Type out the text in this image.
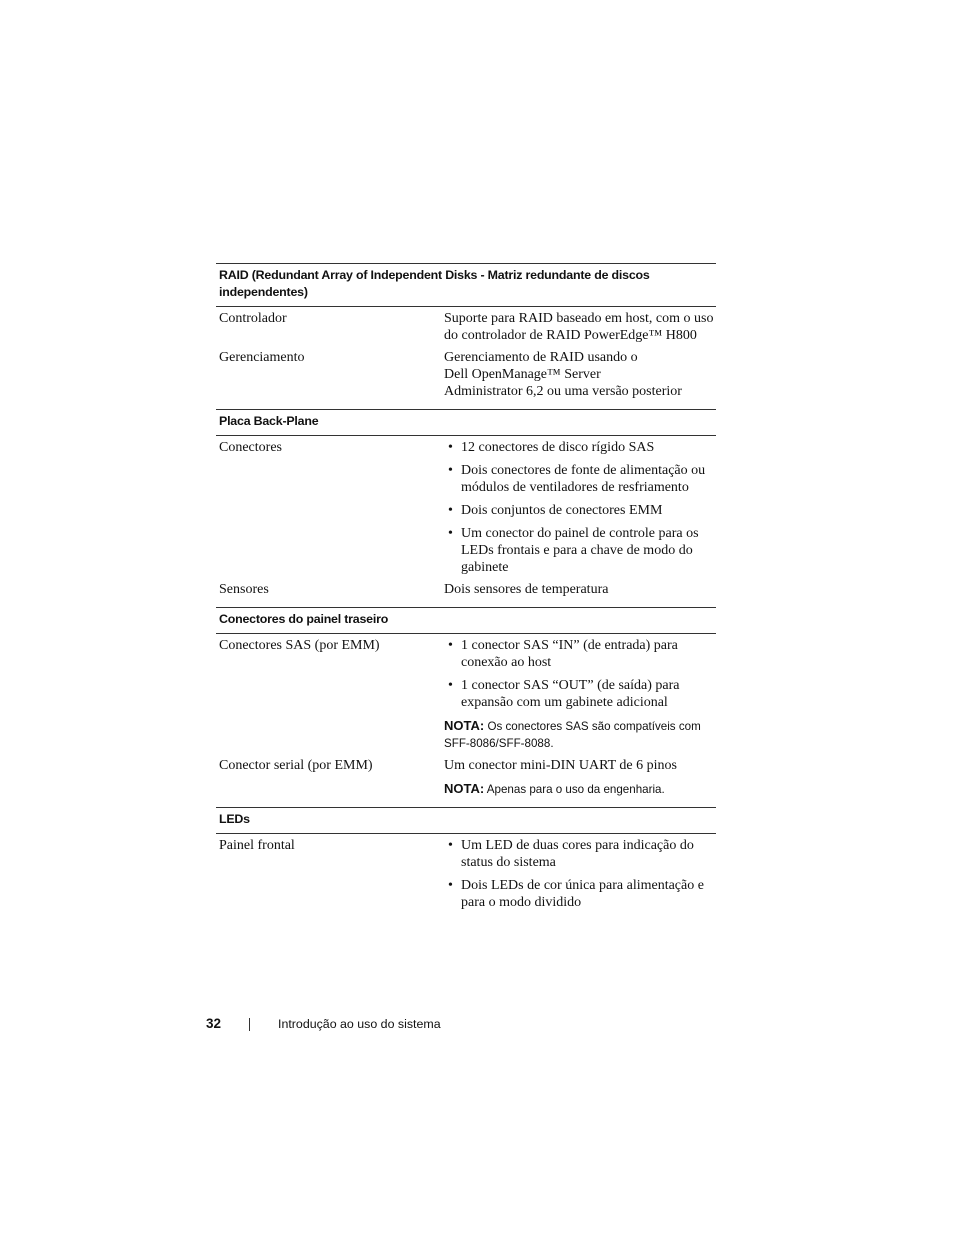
RAID (Redundant Array of Independent Disks - Matriz redundante de discos independentes)
Controlador	Suporte para RAID baseado em host, com o uso do controlador de RAID PowerEdge™ H800
Gerenciamento	Gerenciamento de RAID usando o
Dell OpenManage™ Server
Administrator 6,2 ou uma versão posterior
Placa Back-Plane
Conectores	• 12 conectores de disco rígido SAS
• Dois conectores de fonte de alimentação ou módulos de ventiladores de resfriamento
• Dois conjuntos de conectores EMM
• Um conector do painel de controle para os LEDs frontais e para a chave de modo do gabinete
Sensores	Dois sensores de temperatura
Conectores do painel traseiro
Conectores SAS (por EMM)	• 1 conector SAS “IN” (de entrada) para conexão ao host
• 1 conector SAS “OUT” (de saída) para expansão com um gabinete adicional
NOTA: Os conectores SAS são compatíveis com SFF-8086/SFF-8088.
Conector serial (por EMM)	Um conector mini-DIN UART de 6 pinos
NOTA: Apenas para o uso da engenharia.
LEDs
Painel frontal	• Um LED de duas cores para indicação do status do sistema
• Dois LEDs de cor única para alimentação e para o modo dividido
32	Introdução ao uso do sistema
